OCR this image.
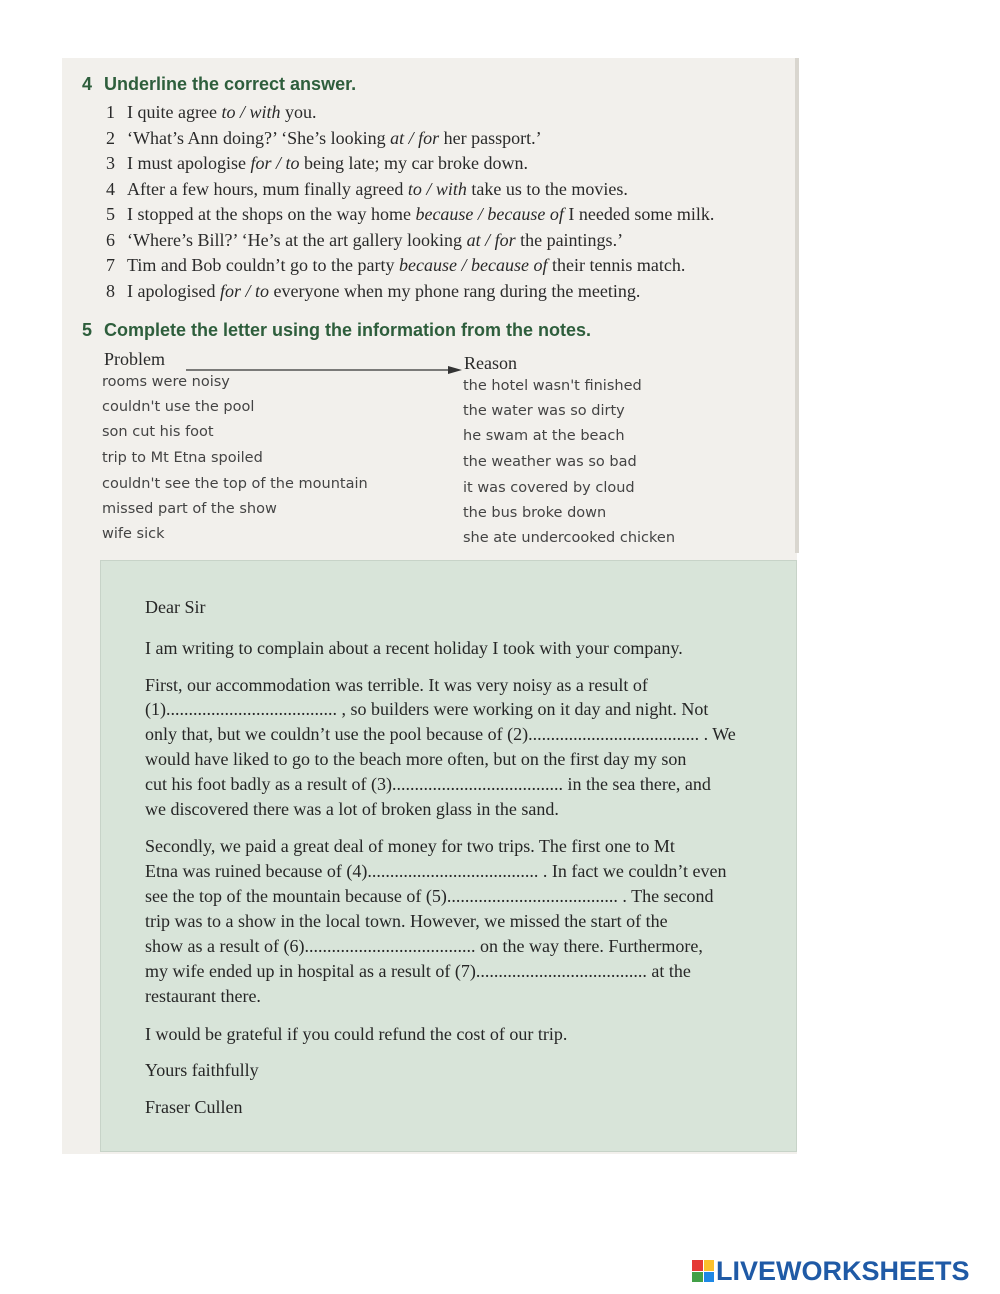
4 Underline the correct answer.
1 I quite agree to / with you.
2 ‘What’s Ann doing?’ ‘She’s looking at / for her passport.’
3 I must apologise for / to being late; my car broke down.
4 After a few hours, mum finally agreed to / with take us to the movies.
5 I stopped at the shops on the way home because / because of I needed some milk.
6 ‘Where’s Bill?’ ‘He’s at the art gallery looking at / for the paintings.’
7 Tim and Bob couldn’t go to the party because / because of their tennis match.
8 I apologised for / to everyone when my phone rang during the meeting.
5 Complete the letter using the information from the notes.
Problem	Reason
rooms were noisy	the hotel wasn't finished
couldn't use the pool	the water was so dirty
son cut his foot	he swam at the beach
trip to Mt Etna spoiled	the weather was so bad
couldn't see the top of the mountain	it was covered by cloud
missed part of the show	the bus broke down
wife sick	she ate undercooked chicken
Dear Sir
I am writing to complain about a recent holiday I took with your company.
First, our accommodation was terrible. It was very noisy as a result of
(1)...................................... , so builders were working on it day and night. Not
only that, but we couldn’t use the pool because of (2)...................................... . We
would have liked to go to the beach more often, but on the first day my son
cut his foot badly as a result of (3)...................................... in the sea there, and
we discovered there was a lot of broken glass in the sand.
Secondly, we paid a great deal of money for two trips. The first one to Mt
Etna was ruined because of (4)...................................... . In fact we couldn’t even
see the top of the mountain because of (5)...................................... . The second
trip was to a show in the local town. However, we missed the start of the
show as a result of (6)...................................... on the way there. Furthermore,
my wife ended up in hospital as a result of (7)...................................... at the
restaurant there.
I would be grateful if you could refund the cost of our trip.
Yours faithfully
Fraser Cullen
LIVEWORKSHEETS
